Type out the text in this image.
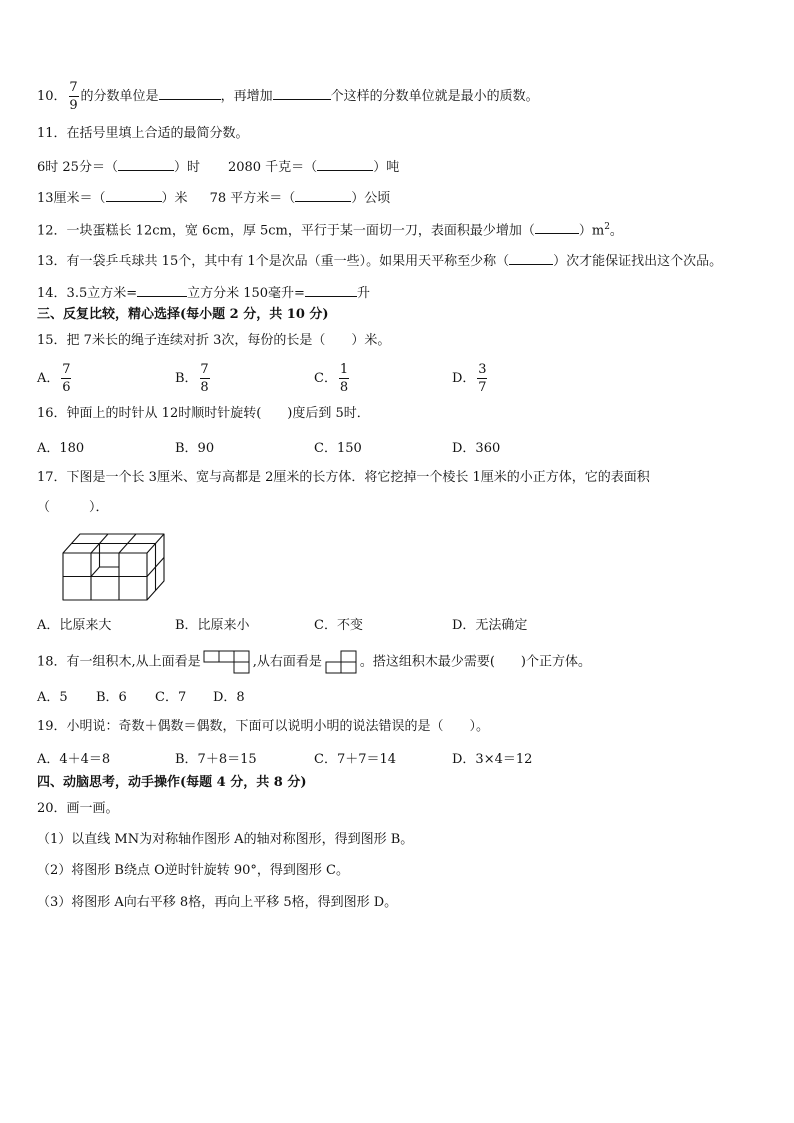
10． $\frac{7}{9}$ 的分数单位是	，再增加	个这样的分数单位就是最小的质数。
11．在括号里填上合适的最简分数。
6时 25分＝（	）时 2080 千克＝（	）吨
13厘米＝（	）米 78 平方米＝（	）公顷
12．一块蛋糕长 12cm，宽 6cm，厚 5cm，平行于某一面切一刀，表面积最少增加（	）$m^2$。
13．有一袋乒乓球共 15个，其中有 1个是次品（重一些）。如果用天平称至少称（	）次才能保证找出这个次品。
14．3.5立方米=	立方分米 150毫升=	升
三、反复比较，精心选择(每小题 2 分，共 10 分)
15．把 7米长的绳子连续对折 3次，每份的长是（　　）米。
A． $\frac{7}{6}$	B． $\frac{7}{8}$	C． $\frac{1}{8}$	D． $\frac{3}{7}$
16．钟面上的时针从 12时顺时针旋转(　　)度后到 5时．
A．180	B．90	C．150	D．360
17．下图是一个长 3厘米、宽与高都是 2厘米的长方体．将它挖掉一个棱长 1厘米的小正方体，它的表面积
（　　　）．
A．比原来大	B．比原来小	C．不变	D．无法确定
18．有一组积木,从上面看是	,从右面看是	。搭这组积木最少需要(　　)个正方体。
A．5 B．6 C．7 D．8
19．小明说：奇数＋偶数＝偶数，下面可以说明小明的说法错误的是（　　）。
A．4＋4＝8	B．7＋8＝15	C．7＋7＝14	D．3×4＝12
四、动脑思考，动手操作(每题 4 分，共 8 分)
20．画一画。
（1）以直线 MN为对称轴作图形 A的轴对称图形，得到图形 B。
（2）将图形 B绕点 O逆时针旋转 90°，得到图形 C。
（3）将图形 A向右平移 8格，再向上平移 5格，得到图形 D。
